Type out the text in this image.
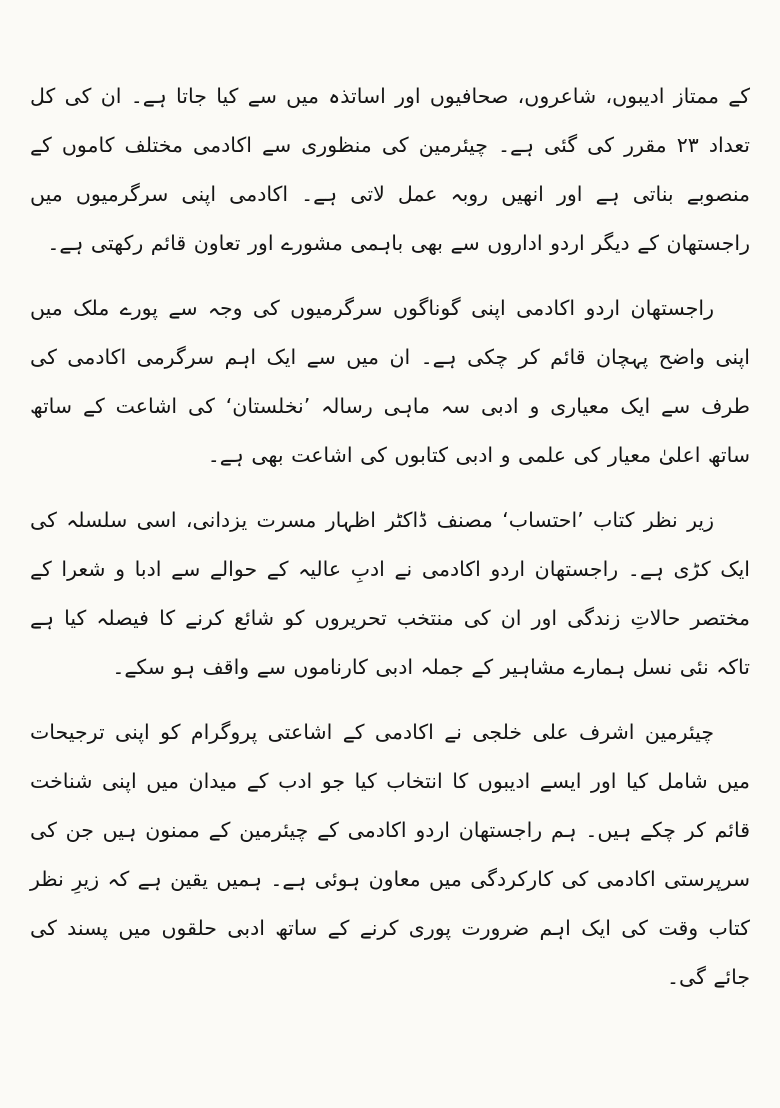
کے ممتاز ادیبوں، شاعروں، صحافیوں اور اساتذہ میں سے کیا جاتا ہے۔ ان کی کل تعداد ۲۳ مقرر کی گئی ہے۔ چیئرمین کی منظوری سے اکادمی مختلف کاموں کے منصوبے بناتی ہے اور انھیں روبہ عمل لاتی ہے۔ اکادمی اپنی سرگرمیوں میں راجستھان کے دیگر اردو اداروں سے بھی باہمی مشورے اور تعاون قائم رکھتی ہے۔

راجستھان اردو اکادمی اپنی گوناگوں سرگرمیوں کی وجہ سے پورے ملک میں اپنی واضح پہچان قائم کر چکی ہے۔ ان میں سے ایک اہم سرگرمی اکادمی کی طرف سے ایک معیاری و ادبی سہ ماہی رسالہ ’نخلستان‘ کی اشاعت کے ساتھ ساتھ اعلیٰ معیار کی علمی و ادبی کتابوں کی اشاعت بھی ہے۔

زیر نظر کتاب ’احتساب‘ مصنف ڈاکٹر اظہار مسرت یزدانی، اسی سلسلہ کی ایک کڑی ہے۔ راجستھان اردو اکادمی نے ادبِ عالیہ کے حوالے سے ادبا و شعرا کے مختصر حالاتِ زندگی اور ان کی منتخب تحریروں کو شائع کرنے کا فیصلہ کیا ہے تاکہ نئی نسل ہمارے مشاہیر کے جملہ ادبی کارناموں سے واقف ہو سکے۔

چیئرمین اشرف علی خلجی نے اکادمی کے اشاعتی پروگرام کو اپنی ترجیحات میں شامل کیا اور ایسے ادیبوں کا انتخاب کیا جو ادب کے میدان میں اپنی شناخت قائم کر چکے ہیں۔ ہم راجستھان اردو اکادمی کے چیئرمین کے ممنون ہیں جن کی سرپرستی اکادمی کی کارکردگی میں معاون ہوئی ہے۔ ہمیں یقین ہے کہ زیرِ نظر کتاب وقت کی ایک اہم ضرورت پوری کرنے کے ساتھ ادبی حلقوں میں پسند کی جائے گی۔
